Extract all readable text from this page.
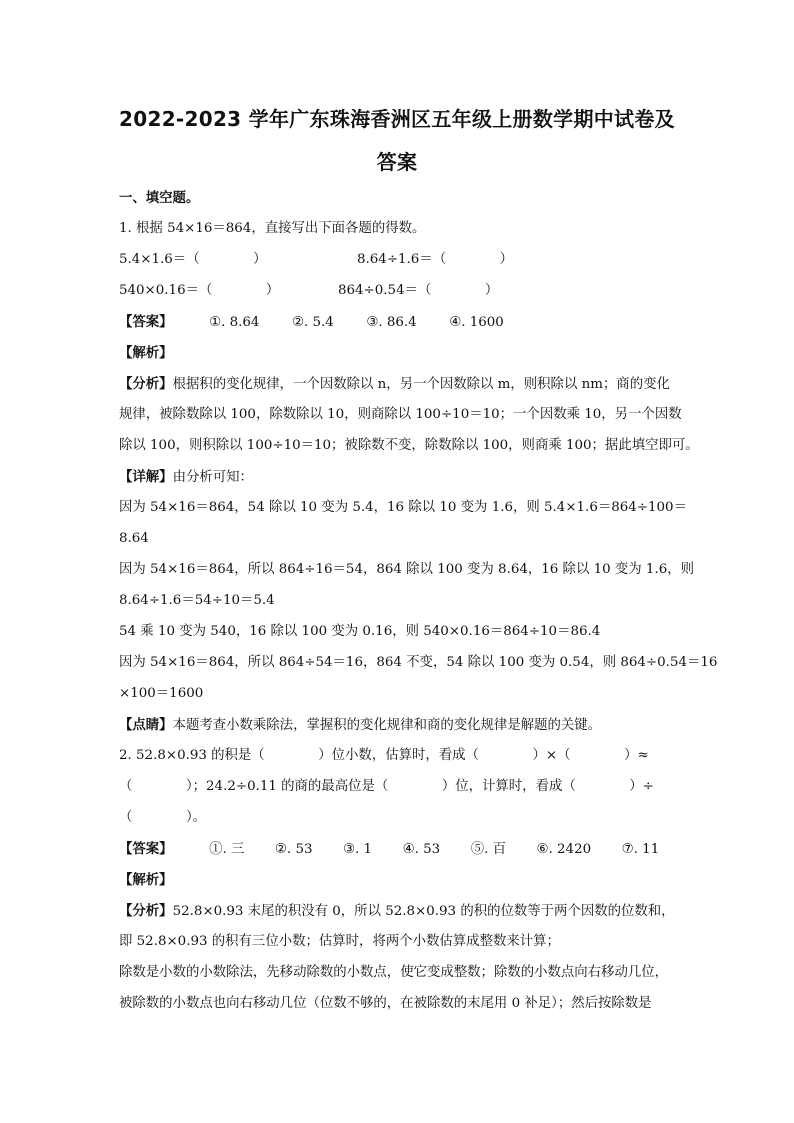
2022-2023 学年广东珠海香洲区五年级上册数学期中试卷及
答案
一、填空题。
1. 根据 54×16＝864，直接写出下面各题的得数。
5.4×1.6＝（　　　　）	8.64÷1.6＝（　　　　）
540×0.16＝（　　　　）	864÷0.54＝（　　　　）
【答案】	①. 8.64 ②. 5.4 ③. 86.4 ④. 1600
【解析】
【分析】根据积的变化规律，一个因数除以 n，另一个因数除以 m，则积除以 nm；商的变化
规律，被除数除以 100，除数除以 10，则商除以 100÷10＝10；一个因数乘 10，另一个因数
除以 100，则积除以 100÷10＝10；被除数不变，除数除以 100，则商乘 100；据此填空即可。
【详解】由分析可知：
因为 54×16＝864，54 除以 10 变为 5.4，16 除以 10 变为 1.6，则 5.4×1.6＝864÷100＝
8.64
因为 54×16＝864，所以 864÷16＝54，864 除以 100 变为 8.64，16 除以 10 变为 1.6，则
8.64÷1.6＝54÷10＝5.4
54 乘 10 变为 540，16 除以 100 变为 0.16，则 540×0.16＝864÷10＝86.4
因为 54×16＝864，所以 864÷54＝16，864 不变，54 除以 100 变为 0.54，则 864÷0.54＝16
×100＝1600
【点睛】本题考查小数乘除法，掌握积的变化规律和商的变化规律是解题的关键。
2. 52.8×0.93 的积是（　　　　）位小数，估算时，看成（　　　　）×（　　　　）≈
（　　　　）；24.2÷0.11 的商的最高位是（　　　　）位，计算时，看成（　　　　）÷
（　　　　）。
【答案】	①. 三 ②. 53 ③. 1 ④. 53 ⑤. 百 ⑥. 2420 ⑦. 11
【解析】
【分析】52.8×0.93 末尾的积没有 0，所以 52.8×0.93 的积的位数等于两个因数的位数和，
即 52.8×0.93 的积有三位小数；估算时，将两个小数估算成整数来计算；
除数是小数的小数除法，先移动除数的小数点，使它变成整数；除数的小数点向右移动几位，
被除数的小数点也向右移动几位（位数不够的，在被除数的末尾用 0 补足）；然后按除数是
